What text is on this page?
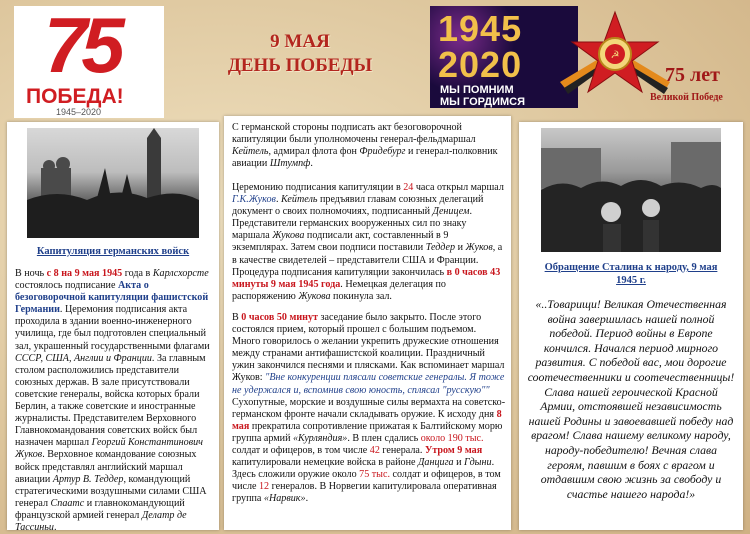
75
ПОБЕДА!
1945–2020
9 МАЯ
ДЕНЬ ПОБЕДЫ
1945
2020
МЫ ПОМНИМ
МЫ ГОРДИМСЯ
☭
75 лет
Великой Победе
Капитуляция германских войск
В ночь с 8 на 9 мая 1945 года в Карлсхорсте состоялось подписание Акта о безоговорочной капитуляции фашистской Германии. Церемония подписания акта проходила в здании военно-инженерного училища, где был подготовлен специальный зал, украшенный государственными флагами СССР, США, Англии и Франции. За главным столом расположились представители союзных держав. В зале присутствовали советские генералы, войска которых брали Берлин, а также советские и иностранные журналисты. Представителем Верховного Главнокомандования советских войск был назначен маршал Георгий Константинович Жуков. Верховное командование союзных войск представлял английский маршал авиации Артур В. Теддер, командующий стратегическими воздушными силами США генерал Спаатс и главнокомандующий французской армией генерал Делатр де Тассиньи.
С германской стороны подписать акт безоговорочной капитуляции были уполномочены генерал-фельдмаршал Кейтель, адмирал флота фон Фридебург и генерал-полковник авиации Штумпф.
Церемонию подписания капитуляции в 24 часа открыл маршал Г.К.Жуков. Кейтель предъявил главам союзных делегаций документ о своих полномочиях, подписанный Деницем. Представители германских вооруженных сил по знаку маршала Жукова подписали акт, составленный в 9 экземплярах. Затем свои подписи поставили Теддер и Жуков, а в качестве свидетелей – представители США и Франции. Процедура подписания капитуляции закончилась в 0 часов 43 минуты 9 мая 1945 года. Немецкая делегация по распоряжению Жукова покинула зал.
В 0 часов 50 минут заседание было закрыто. После этого состоялся прием, который прошел с большим подъемом. Много говорилось о желании укрепить дружеские отношения между странами антифашистской коалиции. Праздничный ужин закончился песнями и плясками. Как вспоминает маршал Жуков: "Вне конкуренции плясали советские генералы. Я тоже не удержался и, вспомнив свою юность, сплясал "русскую"" Сухопутные, морские и воздушные силы вермахта на советско-германском фронте начали складывать оружие. К исходу дня 8 мая прекратила сопротивление прижатая к Балтийскому морю группа армий «Курляндия». В плен сдались около 190 тыс. солдат и офицеров, в том числе 42 генерала. Утром 9 мая капитулировали немецкие войска в районе Данцига и Гдыни. Здесь сложили оружие около 75 тыс. солдат и офицеров, в том числе 12 генералов. В Норвегии капитулировала оперативная группа «Нарвик».
Обращение Сталина к народу, 9 мая 1945 г.
«..Товарищи! Великая Отечественная война завершилась нашей полной победой. Период войны в Европе кончился. Начался период мирного развития. С победой вас, мои дорогие соотечественники и соотечественницы! Слава нашей героической Красной Армии, отстоявшей независимость нашей Родины и завоевавшей победу над врагом! Слава нашему великому народу, народу-победителю! Вечная слава героям, павшим в боях с врагом и отдавшим свою жизнь за свободу и счастье нашего народа!»
